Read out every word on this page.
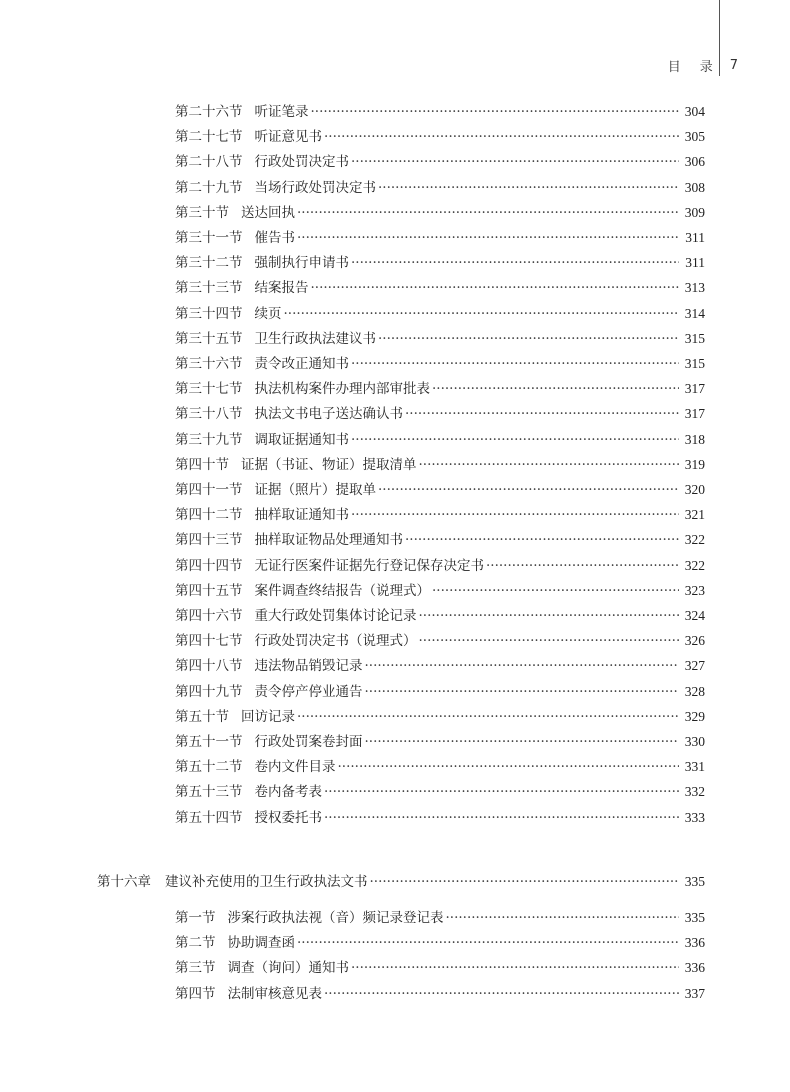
目　录 7
第二十六节 听证笔录 ·····	304
第二十七节 听证意见书 ·····	305
第二十八节 行政处罚决定书 ·····	306
第二十九节 当场行政处罚决定书 ·····	308
第三十节 送达回执 ·····	309
第三十一节 催告书 ·····	311
第三十二节 强制执行申请书 ·····	311
第三十三节 结案报告 ·····	313
第三十四节 续页 ·····	314
第三十五节 卫生行政执法建议书 ·····	315
第三十六节 责令改正通知书 ·····	315
第三十七节 执法机构案件办理内部审批表 ·····	317
第三十八节 执法文书电子送达确认书 ·····	317
第三十九节 调取证据通知书 ·····	318
第四十节 证据（书证、物证）提取清单 ·····	319
第四十一节 证据（照片）提取单 ·····	320
第四十二节 抽样取证通知书 ·····	321
第四十三节 抽样取证物品处理通知书 ·····	322
第四十四节 无证行医案件证据先行登记保存决定书 ·····	322
第四十五节 案件调查终结报告（说理式） ·····	323
第四十六节 重大行政处罚集体讨论记录 ·····	324
第四十七节 行政处罚决定书（说理式） ·····	326
第四十八节 违法物品销毁记录 ·····	327
第四十九节 责令停产停业通告 ·····	328
第五十节 回访记录 ·····	329
第五十一节 行政处罚案卷封面 ·····	330
第五十二节 卷内文件目录 ·····	331
第五十三节 卷内备考表 ·····	332
第五十四节 授权委托书 ·····	333
第十六章 建议补充使用的卫生行政执法文书 ·····	335
第一节 涉案行政执法视（音）频记录登记表 ·····	335
第二节 协助调查函 ·····	336
第三节 调查（询问）通知书 ·····	336
第四节 法制审核意见表 ·····	337
